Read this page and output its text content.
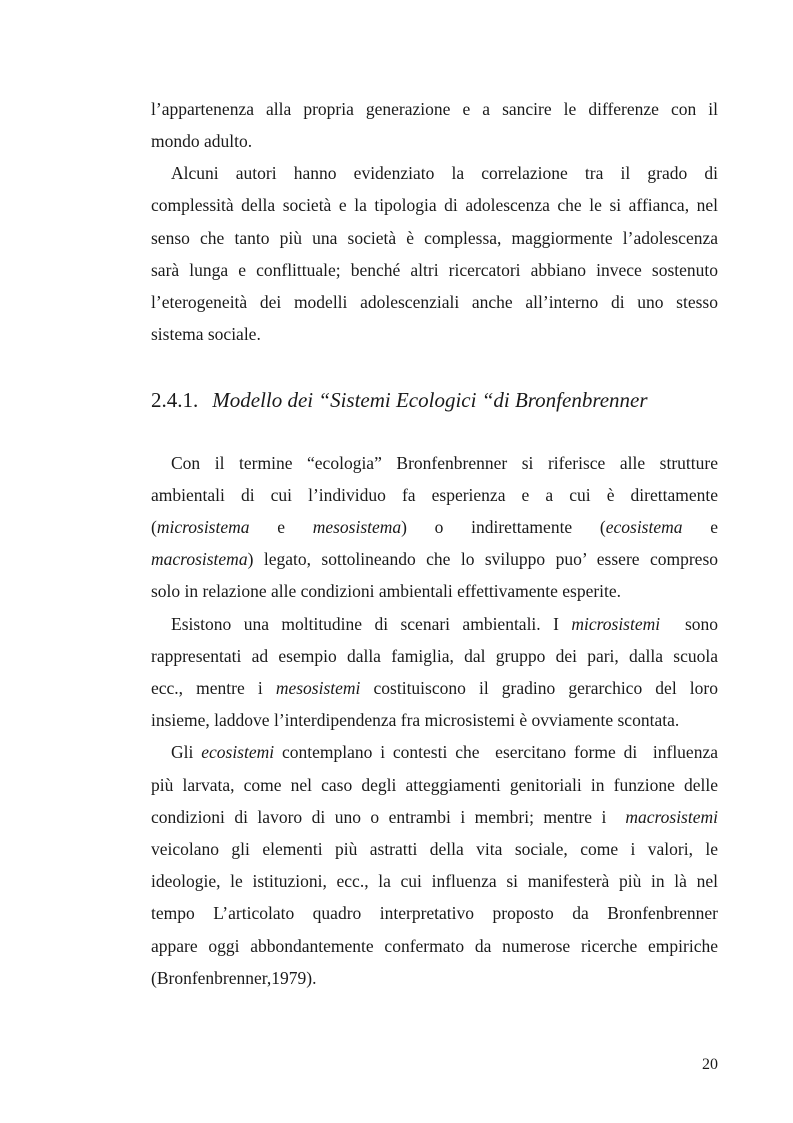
l’appartenenza alla propria generazione e a sancire le differenze con il
mondo adulto.
Alcuni autori hanno evidenziato la correlazione tra il grado di
complessità della società e la tipologia di adolescenza che le si affianca, nel
senso che tanto più una società è complessa, maggiormente l’adolescenza
sarà lunga e conflittuale; benché altri ricercatori abbiano invece sostenuto
l’eterogeneità dei modelli adolescenziali anche all’interno di uno stesso
sistema sociale.
2.4.1. Modello dei “Sistemi Ecologici “di Bronfenbrenner
Con il termine “ecologia” Bronfenbrenner si riferisce alle strutture
ambientali di cui l’individuo fa esperienza e a cui è direttamente
(microsistema e mesosistema) o indirettamente (ecosistema e
macrosistema) legato, sottolineando che lo sviluppo puo’ essere compreso
solo in relazione alle condizioni ambientali effettivamente esperite.
Esistono una moltitudine di scenari ambientali. I microsistemi  sono
rappresentati ad esempio dalla famiglia, dal gruppo dei pari, dalla scuola
ecc., mentre i mesosistemi costituiscono il gradino gerarchico del loro
insieme, laddove l’interdipendenza fra microsistemi è ovviamente scontata.
Gli ecosistemi contemplano i contesti che  esercitano forme di  influenza
più larvata, come nel caso degli atteggiamenti genitoriali in funzione delle
condizioni di lavoro di uno o entrambi i membri; mentre i  macrosistemi
veicolano gli elementi più astratti della vita sociale, come i valori, le
ideologie, le istituzioni, ecc., la cui influenza si manifesterà più in là nel
tempo L’articolato quadro interpretativo proposto da Bronfenbrenner
appare oggi abbondantemente confermato da numerose ricerche empiriche
(Bronfenbrenner,1979).
20
